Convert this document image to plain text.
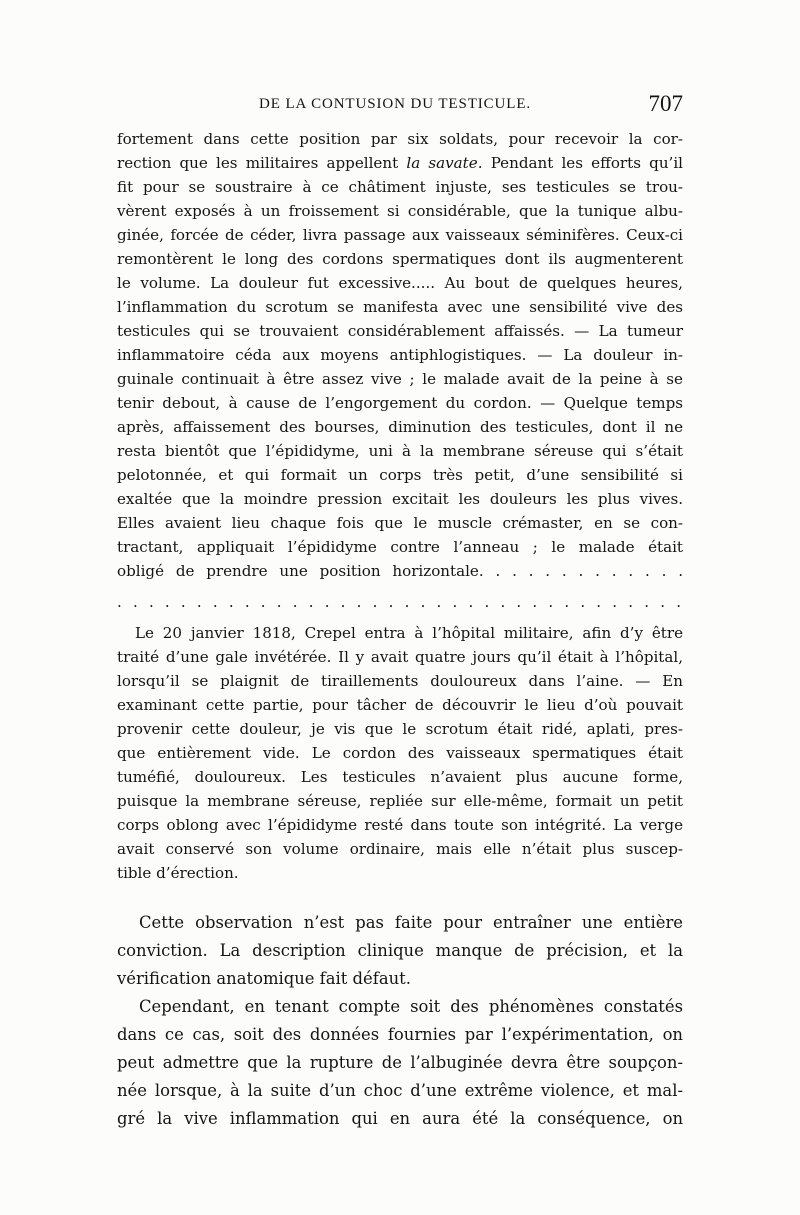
DE LA CONTUSION DU TESTICULE.	707
fortement dans cette position par six soldats, pour recevoir la cor-
rection que les militaires appellent la savate. Pendant les efforts qu’il
fit pour se soustraire à ce châtiment injuste, ses testicules se trou-
vèrent exposés à un froissement si considérable, que la tunique albu-
ginée, forcée de céder, livra passage aux vaisseaux séminifères. Ceux-ci
remontèrent le long des cordons spermatiques dont ils augmenterent
le volume. La douleur fut excessive..... Au bout de quelques heures,
l’inflammation du scrotum se manifesta avec une sensibilité vive des
testicules qui se trouvaient considérablement affaissés. — La tumeur
inflammatoire céda aux moyens antiphlogistiques. — La douleur in-
guinale continuait à être assez vive ; le malade avait de la peine à se
tenir debout, à cause de l’engorgement du cordon. — Quelque temps
après, affaissement des bourses, diminution des testicules, dont il ne
resta bientôt que l’épididyme, uni à la membrane séreuse qui s’était
pelotonnée, et qui formait un corps très petit, d’une sensibilité si
exaltée que la moindre pression excitait les douleurs les plus vives.
Elles avaient lieu chaque fois que le muscle crémaster, en se con-
tractant, appliquait l’épididyme contre l’anneau ; le malade était
obligé de prendre une position horizontale. . . . . . . . . . . . .
. . . . . . . . . . . . . . . . . . . . . . . . . . . . . . . . . . . .
Le 20 janvier 1818, Crepel entra à l’hôpital militaire, afin d’y être
traité d’une gale invétérée. Il y avait quatre jours qu’il était à l’hôpital,
lorsqu’il se plaignit de tiraillements douloureux dans l’aine. — En
examinant cette partie, pour tâcher de découvrir le lieu d’où pouvait
provenir cette douleur, je vis que le scrotum était ridé, aplati, pres-
que entièrement vide. Le cordon des vaisseaux spermatiques était
tuméfié, douloureux. Les testicules n’avaient plus aucune forme,
puisque la membrane séreuse, repliée sur elle-même, formait un petit
corps oblong avec l’épididyme resté dans toute son intégrité. La verge
avait conservé son volume ordinaire, mais elle n’était plus suscep-
tible d’érection.
Cette observation n’est pas faite pour entraîner une entière
conviction. La description clinique manque de précision, et la
vérification anatomique fait défaut.
Cependant, en tenant compte soit des phénomènes constatés
dans ce cas, soit des données fournies par l’expérimentation, on
peut admettre que la rupture de l’albuginée devra être soupçon-
née lorsque, à la suite d’un choc d’une extrême violence, et mal-
gré la vive inflammation qui en aura été la conséquence, on
